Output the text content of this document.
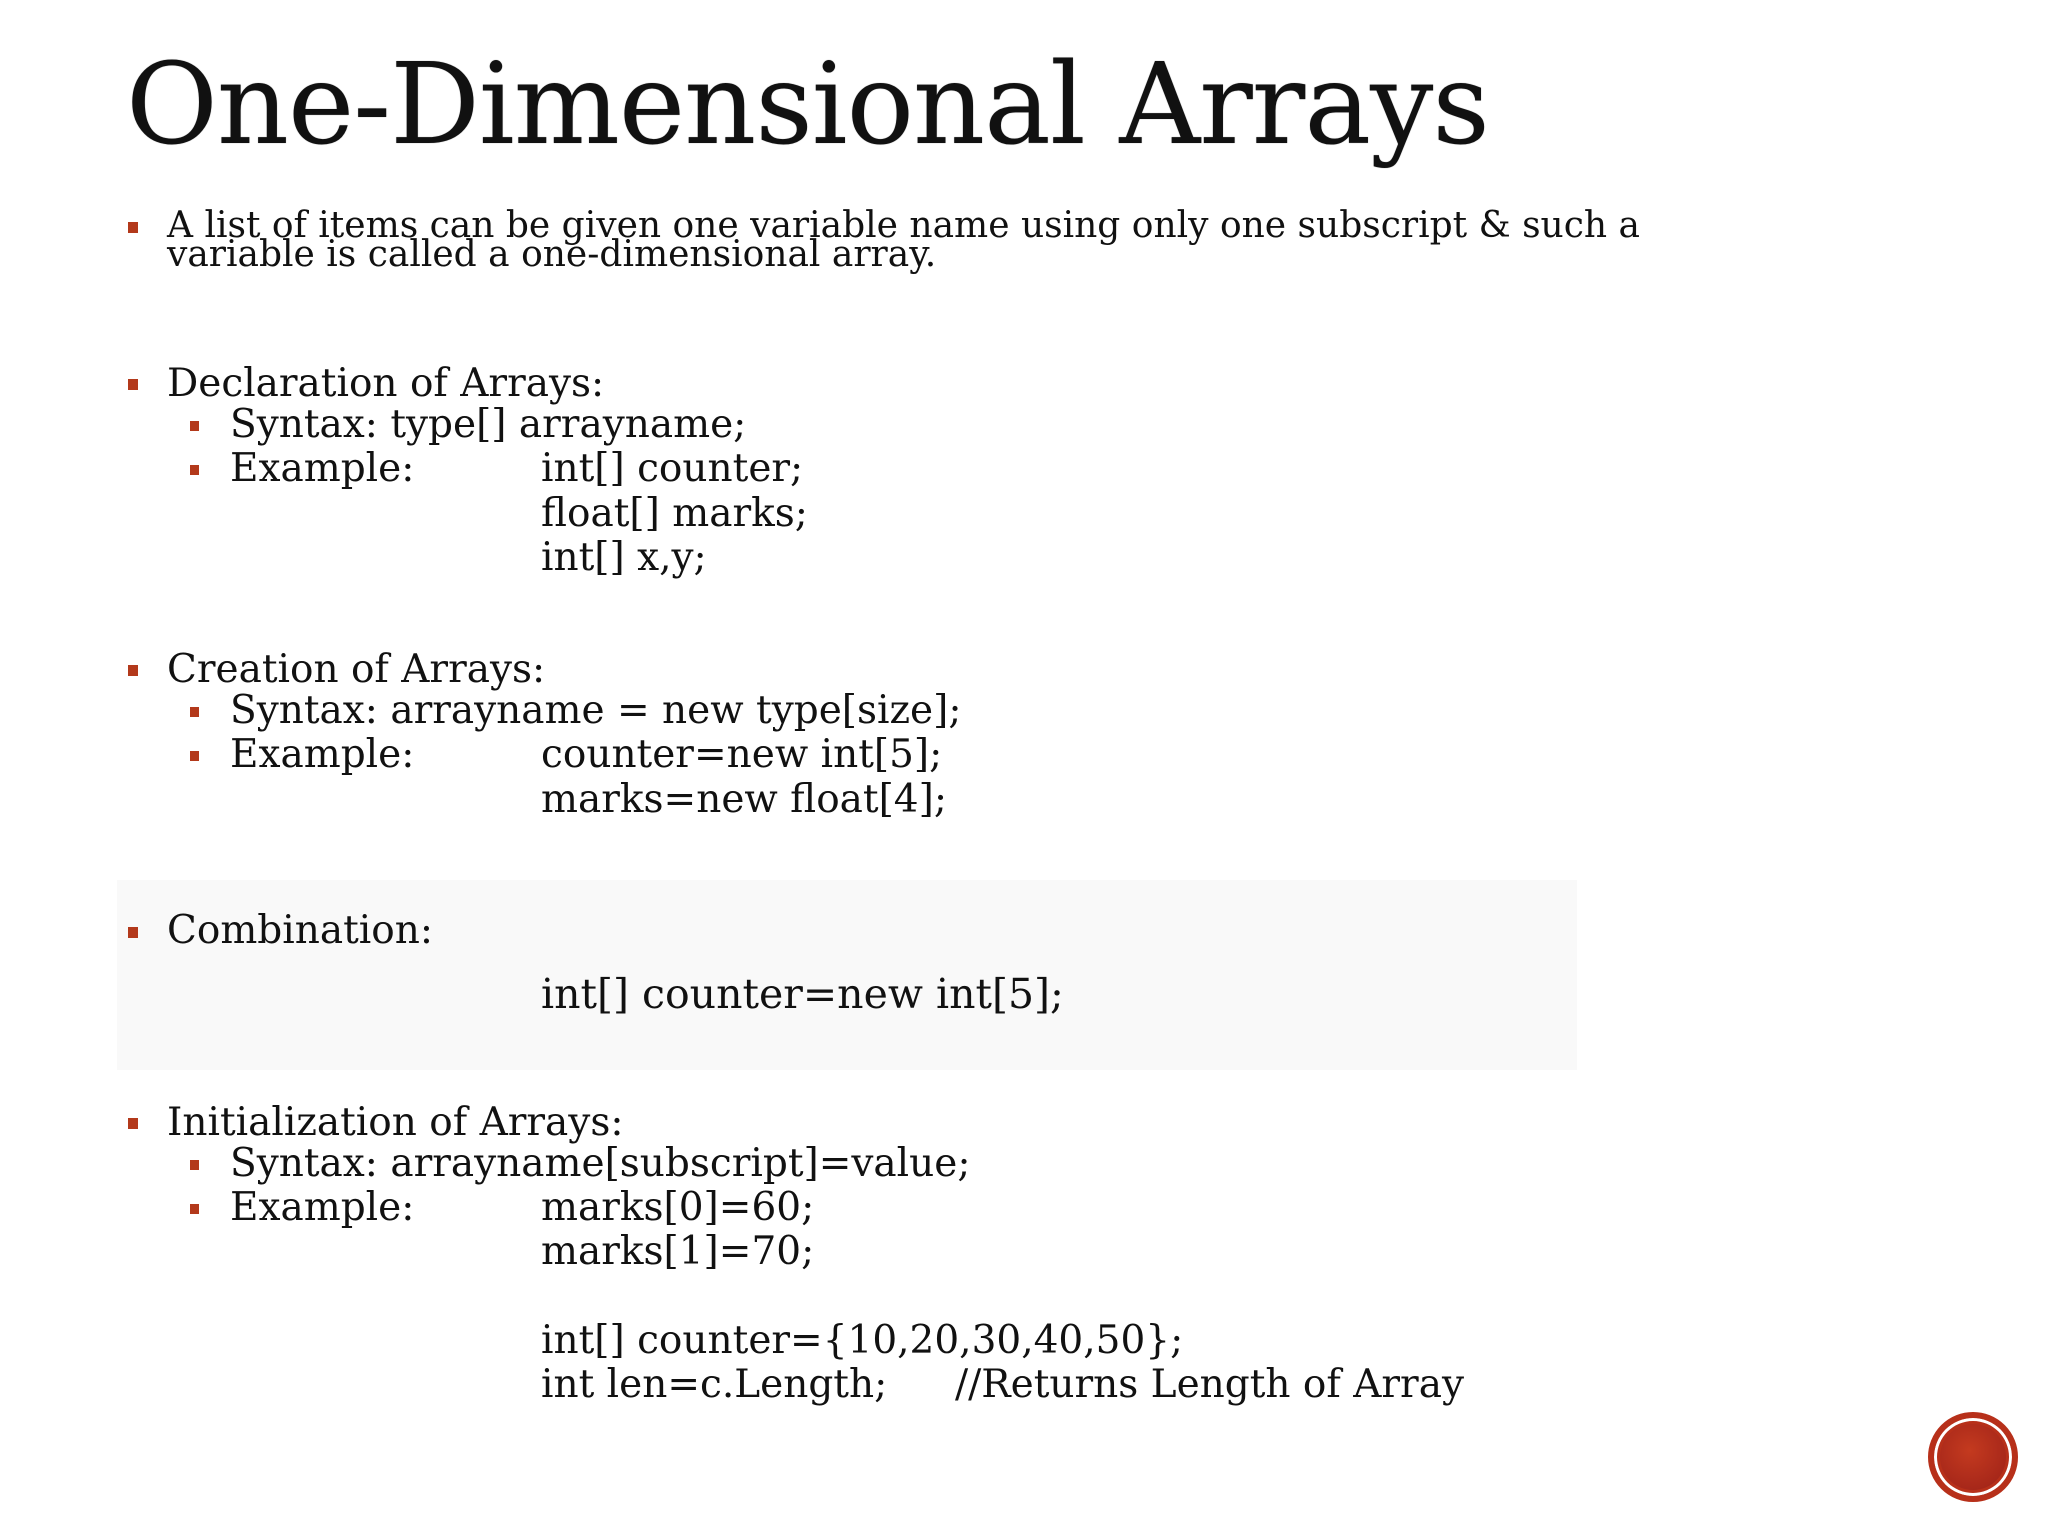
One-Dimensional Arrays
A list of items can be given one variable name using only one subscript & such a
variable is called a one-dimensional array.
Declaration of Arrays:
Syntax: type[] arrayname;
Example:	int[] counter;
float[] marks;
int[] x,y;
Creation of Arrays:
Syntax: arrayname = new type[size];
Example:	counter=new int[5];
marks=new float[4];
Combination:
int[] counter=new int[5];
Initialization of Arrays:
Syntax: arrayname[subscript]=value;
Example:	marks[0]=60;
marks[1]=70;
int[] counter={10,20,30,40,50};
int len=c.Length; //Returns Length of Array
